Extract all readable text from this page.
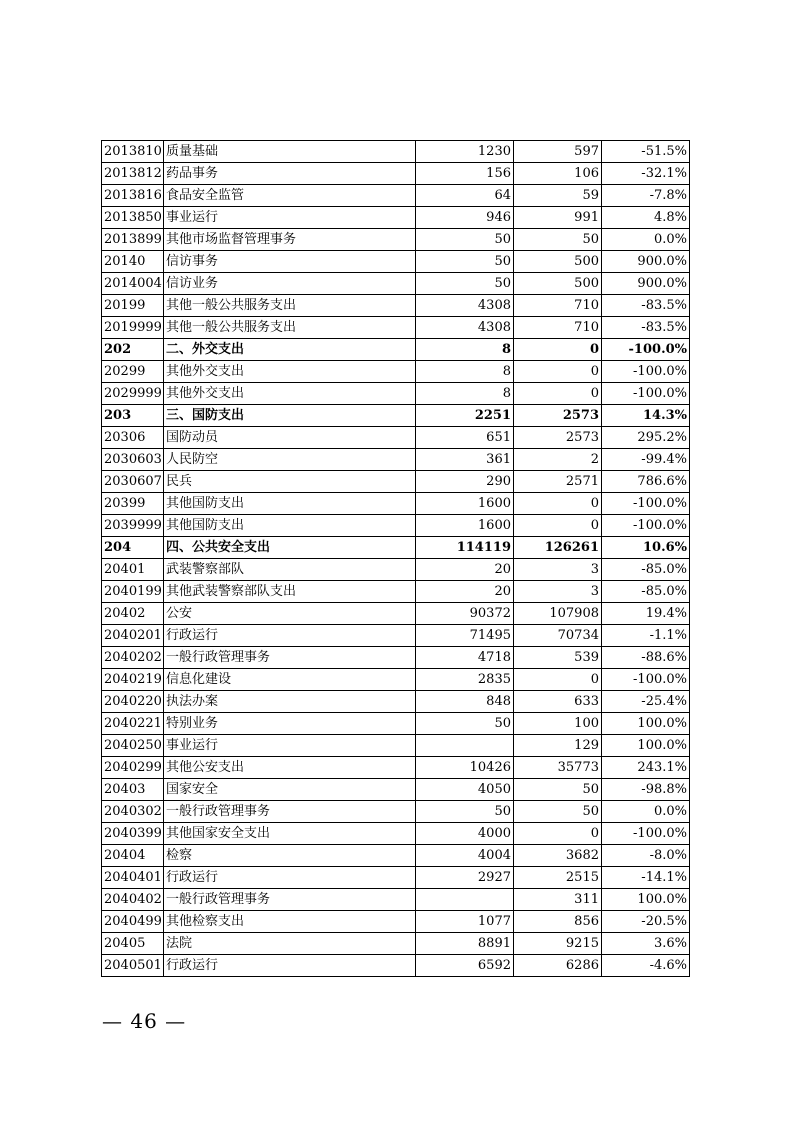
2013810	质量基础	1230	597	-51.5%
2013812	药品事务	156	106	-32.1%
2013816	食品安全监管	64	59	-7.8%
2013850	事业运行	946	991	4.8%
2013899	其他市场监督管理事务	50	50	0.0%
20140	信访事务	50	500	900.0%
2014004	信访业务	50	500	900.0%
20199	其他一般公共服务支出	4308	710	-83.5%
2019999	其他一般公共服务支出	4308	710	-83.5%
202	二、外交支出	8	0	-100.0%
20299	其他外交支出	8	0	-100.0%
2029999	其他外交支出	8	0	-100.0%
203	三、国防支出	2251	2573	14.3%
20306	国防动员	651	2573	295.2%
2030603	人民防空	361	2	-99.4%
2030607	民兵	290	2571	786.6%
20399	其他国防支出	1600	0	-100.0%
2039999	其他国防支出	1600	0	-100.0%
204	四、公共安全支出	114119	126261	10.6%
20401	武装警察部队	20	3	-85.0%
2040199	其他武装警察部队支出	20	3	-85.0%
20402	公安	90372	107908	19.4%
2040201	行政运行	71495	70734	-1.1%
2040202	一般行政管理事务	4718	539	-88.6%
2040219	信息化建设	2835	0	-100.0%
2040220	执法办案	848	633	-25.4%
2040221	特别业务	50	100	100.0%
2040250	事业运行		129	100.0%
2040299	其他公安支出	10426	35773	243.1%
20403	国家安全	4050	50	-98.8%
2040302	一般行政管理事务	50	50	0.0%
2040399	其他国家安全支出	4000	0	-100.0%
20404	检察	4004	3682	-8.0%
2040401	行政运行	2927	2515	-14.1%
2040402	一般行政管理事务		311	100.0%
2040499	其他检察支出	1077	856	-20.5%
20405	法院	8891	9215	3.6%
2040501	行政运行	6592	6286	-4.6%
— 46 —
